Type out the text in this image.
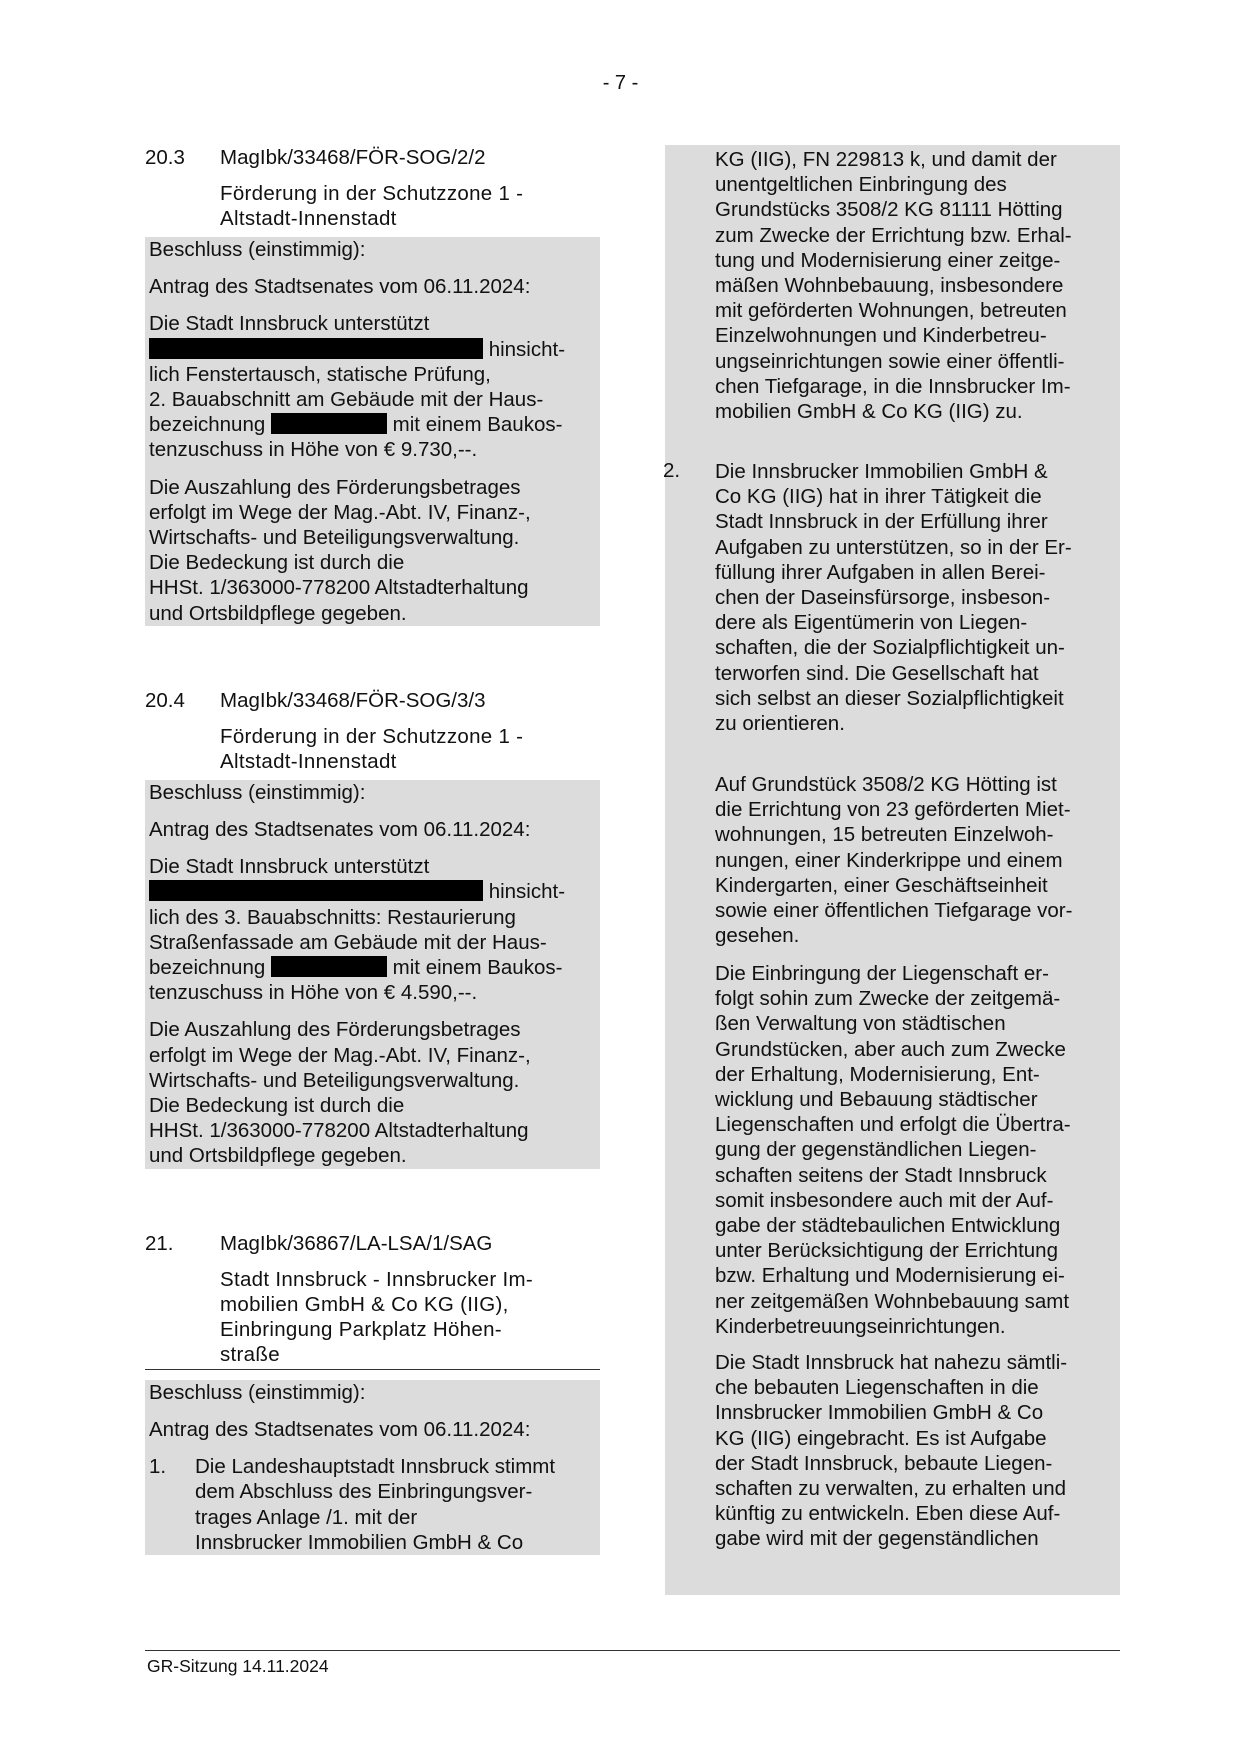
- 7 -
20.3	MagIbk/33468/FÖR-SOG/2/2
Förderung in der Schutzzone 1 -
Altstadt-Innenstadt

Beschluss (einstimmig):

Antrag des Stadtsenates vom 06.11.2024:

Die Stadt Innsbruck unterstützt

hinsicht-

lich Fenstertausch, statische Prüfung,

2. Bauabschnitt am Gebäude mit der Haus-

bezeichnung	mit einem Baukos-

tenzuschuss in Höhe von € 9.730,--.

Die Auszahlung des Förderungsbetrages

erfolgt im Wege der Mag.-Abt. IV, Finanz-,

Wirtschafts- und Beteiligungsverwaltung.

Die Bedeckung ist durch die

HHSt. 1/363000-778200 Altstadterhaltung

und Ortsbildpflege gegeben.

20.4	MagIbk/33468/FÖR-SOG/3/3
Förderung in der Schutzzone 1 -
Altstadt-Innenstadt

Beschluss (einstimmig):

Antrag des Stadtsenates vom 06.11.2024:

Die Stadt Innsbruck unterstützt

hinsicht-

lich des 3. Bauabschnitts: Restaurierung

Straßenfassade am Gebäude mit der Haus-

bezeichnung	mit einem Baukos-

tenzuschuss in Höhe von € 4.590,--.

Die Auszahlung des Förderungsbetrages

erfolgt im Wege der Mag.-Abt. IV, Finanz-,

Wirtschafts- und Beteiligungsverwaltung.

Die Bedeckung ist durch die

HHSt. 1/363000-778200 Altstadterhaltung

und Ortsbildpflege gegeben.

21.	MagIbk/36867/LA-LSA/1/SAG
Stadt Innsbruck - Innsbrucker Im-
mobilien GmbH & Co KG (IIG),
Einbringung Parkplatz Höhen-
straße

Beschluss (einstimmig):

Antrag des Stadtsenates vom 06.11.2024:

1.	Die Landeshauptstadt Innsbruck stimmt

dem Abschluss des Einbringungsver-

trages Anlage /1. mit der

Innsbrucker Immobilien GmbH & Co

KG (IIG), FN 229813 k, und damit der

unentgeltlichen Einbringung des

Grundstücks 3508/2 KG 81111 Hötting

zum Zwecke der Errichtung bzw. Erhal-

tung und Modernisierung einer zeitge-

mäßen Wohnbebauung, insbesondere

mit geförderten Wohnungen, betreuten

Einzelwohnungen und Kinderbetreu-

ungseinrichtungen sowie einer öffentli-

chen Tiefgarage, in die Innsbrucker Im-

mobilien GmbH & Co KG (IIG) zu.

2. Die Innsbrucker Immobilien GmbH &

Co KG (IIG) hat in ihrer Tätigkeit die

Stadt Innsbruck in der Erfüllung ihrer

Aufgaben zu unterstützen, so in der Er-

füllung ihrer Aufgaben in allen Berei-

chen der Daseinsfürsorge, insbeson-

dere als Eigentümerin von Liegen-

schaften, die der Sozialpflichtigkeit un-

terworfen sind. Die Gesellschaft hat

sich selbst an dieser Sozialpflichtigkeit

zu orientieren.

Auf Grundstück 3508/2 KG Hötting ist

die Errichtung von 23 geförderten Miet-

wohnungen, 15 betreuten Einzelwoh-

nungen, einer Kinderkrippe und einem

Kindergarten, einer Geschäftseinheit

sowie einer öffentlichen Tiefgarage vor-

gesehen.

Die Einbringung der Liegenschaft er-

folgt sohin zum Zwecke der zeitgemä-

ßen Verwaltung von städtischen

Grundstücken, aber auch zum Zwecke

der Erhaltung, Modernisierung, Ent-

wicklung und Bebauung städtischer

Liegenschaften und erfolgt die Übertra-

gung der gegenständlichen Liegen-

schaften seitens der Stadt Innsbruck

somit insbesondere auch mit der Auf-

gabe der städtebaulichen Entwicklung

unter Berücksichtigung der Errichtung

bzw. Erhaltung und Modernisierung ei-

ner zeitgemäßen Wohnbebauung samt

Kinderbetreuungseinrichtungen.

Die Stadt Innsbruck hat nahezu sämtli-

che bebauten Liegenschaften in die

Innsbrucker Immobilien GmbH & Co

KG (IIG) eingebracht. Es ist Aufgabe

der Stadt Innsbruck, bebaute Liegen-

schaften zu verwalten, zu erhalten und

künftig zu entwickeln. Eben diese Auf-

gabe wird mit der gegenständlichen

GR-Sitzung 14.11.2024
